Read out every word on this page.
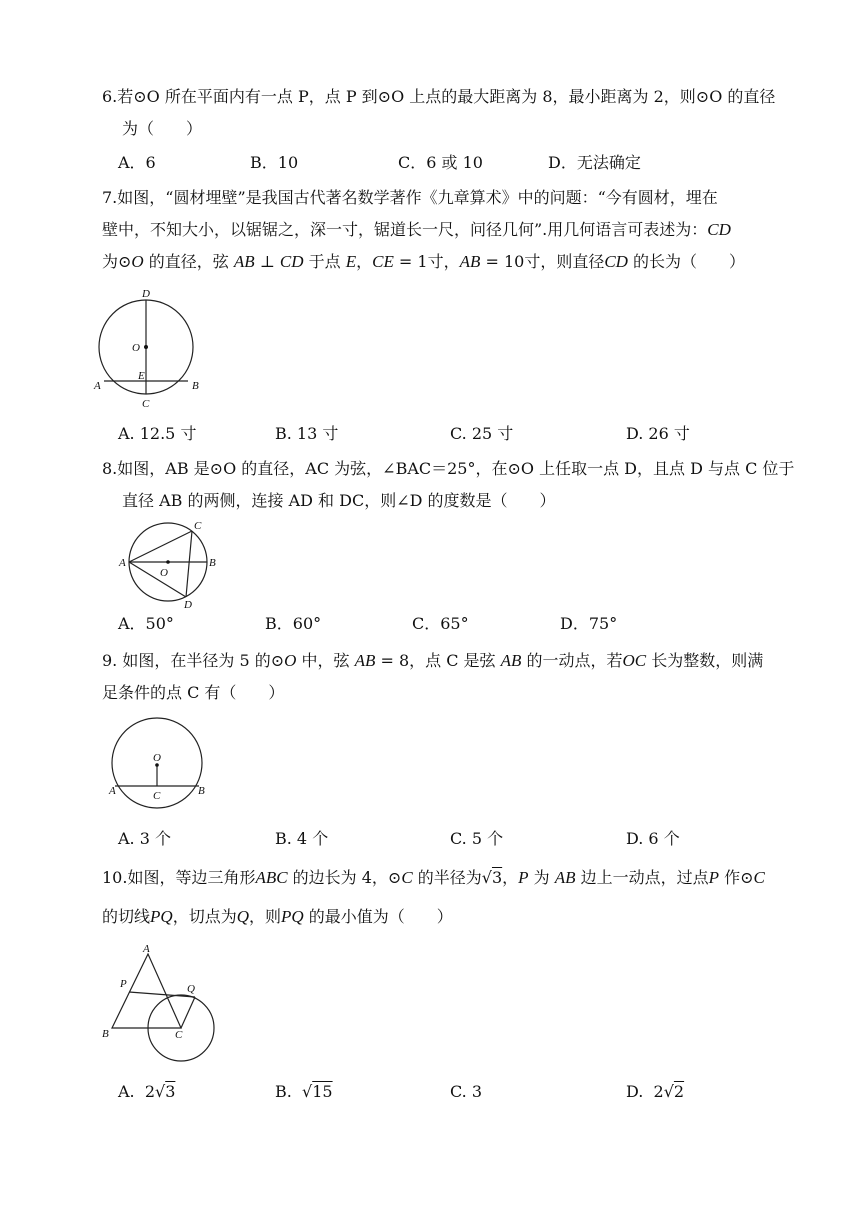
6.若⊙O 所在平面内有一点 P，点 P 到⊙O 上点的最大距离为 8，最小距离为 2，则⊙O 的直径
为（　　）
A．6	B．10	C．6 或 10	D．无法确定
7.如图，“圆材埋壁”是我国古代著名数学著作《九章算术》中的问题：“今有圆材，埋在
壁中，不知大小，以锯锯之，深一寸，锯道长一尺，问径几何”.用几何语言可表述为：CD
为⊙O 的直径，弦 AB ⊥ CD 于点 E，CE = 1寸，AB = 10寸，则直径CD 的长为（　　）
D
O
E
A	B
C
A. 12.5 寸	B. 13 寸	C. 25 寸	D. 26 寸
8.如图，AB 是⊙O 的直径，AC 为弦，∠BAC＝25°，在⊙O 上任取一点 D，且点 D 与点 C 位于
直径 AB 的两侧，连接 AD 和 DC，则∠D 的度数是（　　）
A
O
B
C
D
A．50°	B．60°	C．65°	D．75°
9. 如图，在半径为 5 的⊙O 中，弦 AB = 8，点 C 是弦 AB 的一动点，若OC 长为整数，则满
足条件的点 C 有（　　）
O
A	C	B
A. 3 个	B. 4 个	C. 5 个	D. 6 个
10.如图，等边三角形ABC 的边长为 4，⊙C 的半径为√3，P 为 AB 边上一动点，过点P 作⊙C
的切线PQ，切点为Q，则PQ 的最小值为（　　）
A
P	Q
B	C
A. 2√3	B.  √15	C. 3	D. 2√2
